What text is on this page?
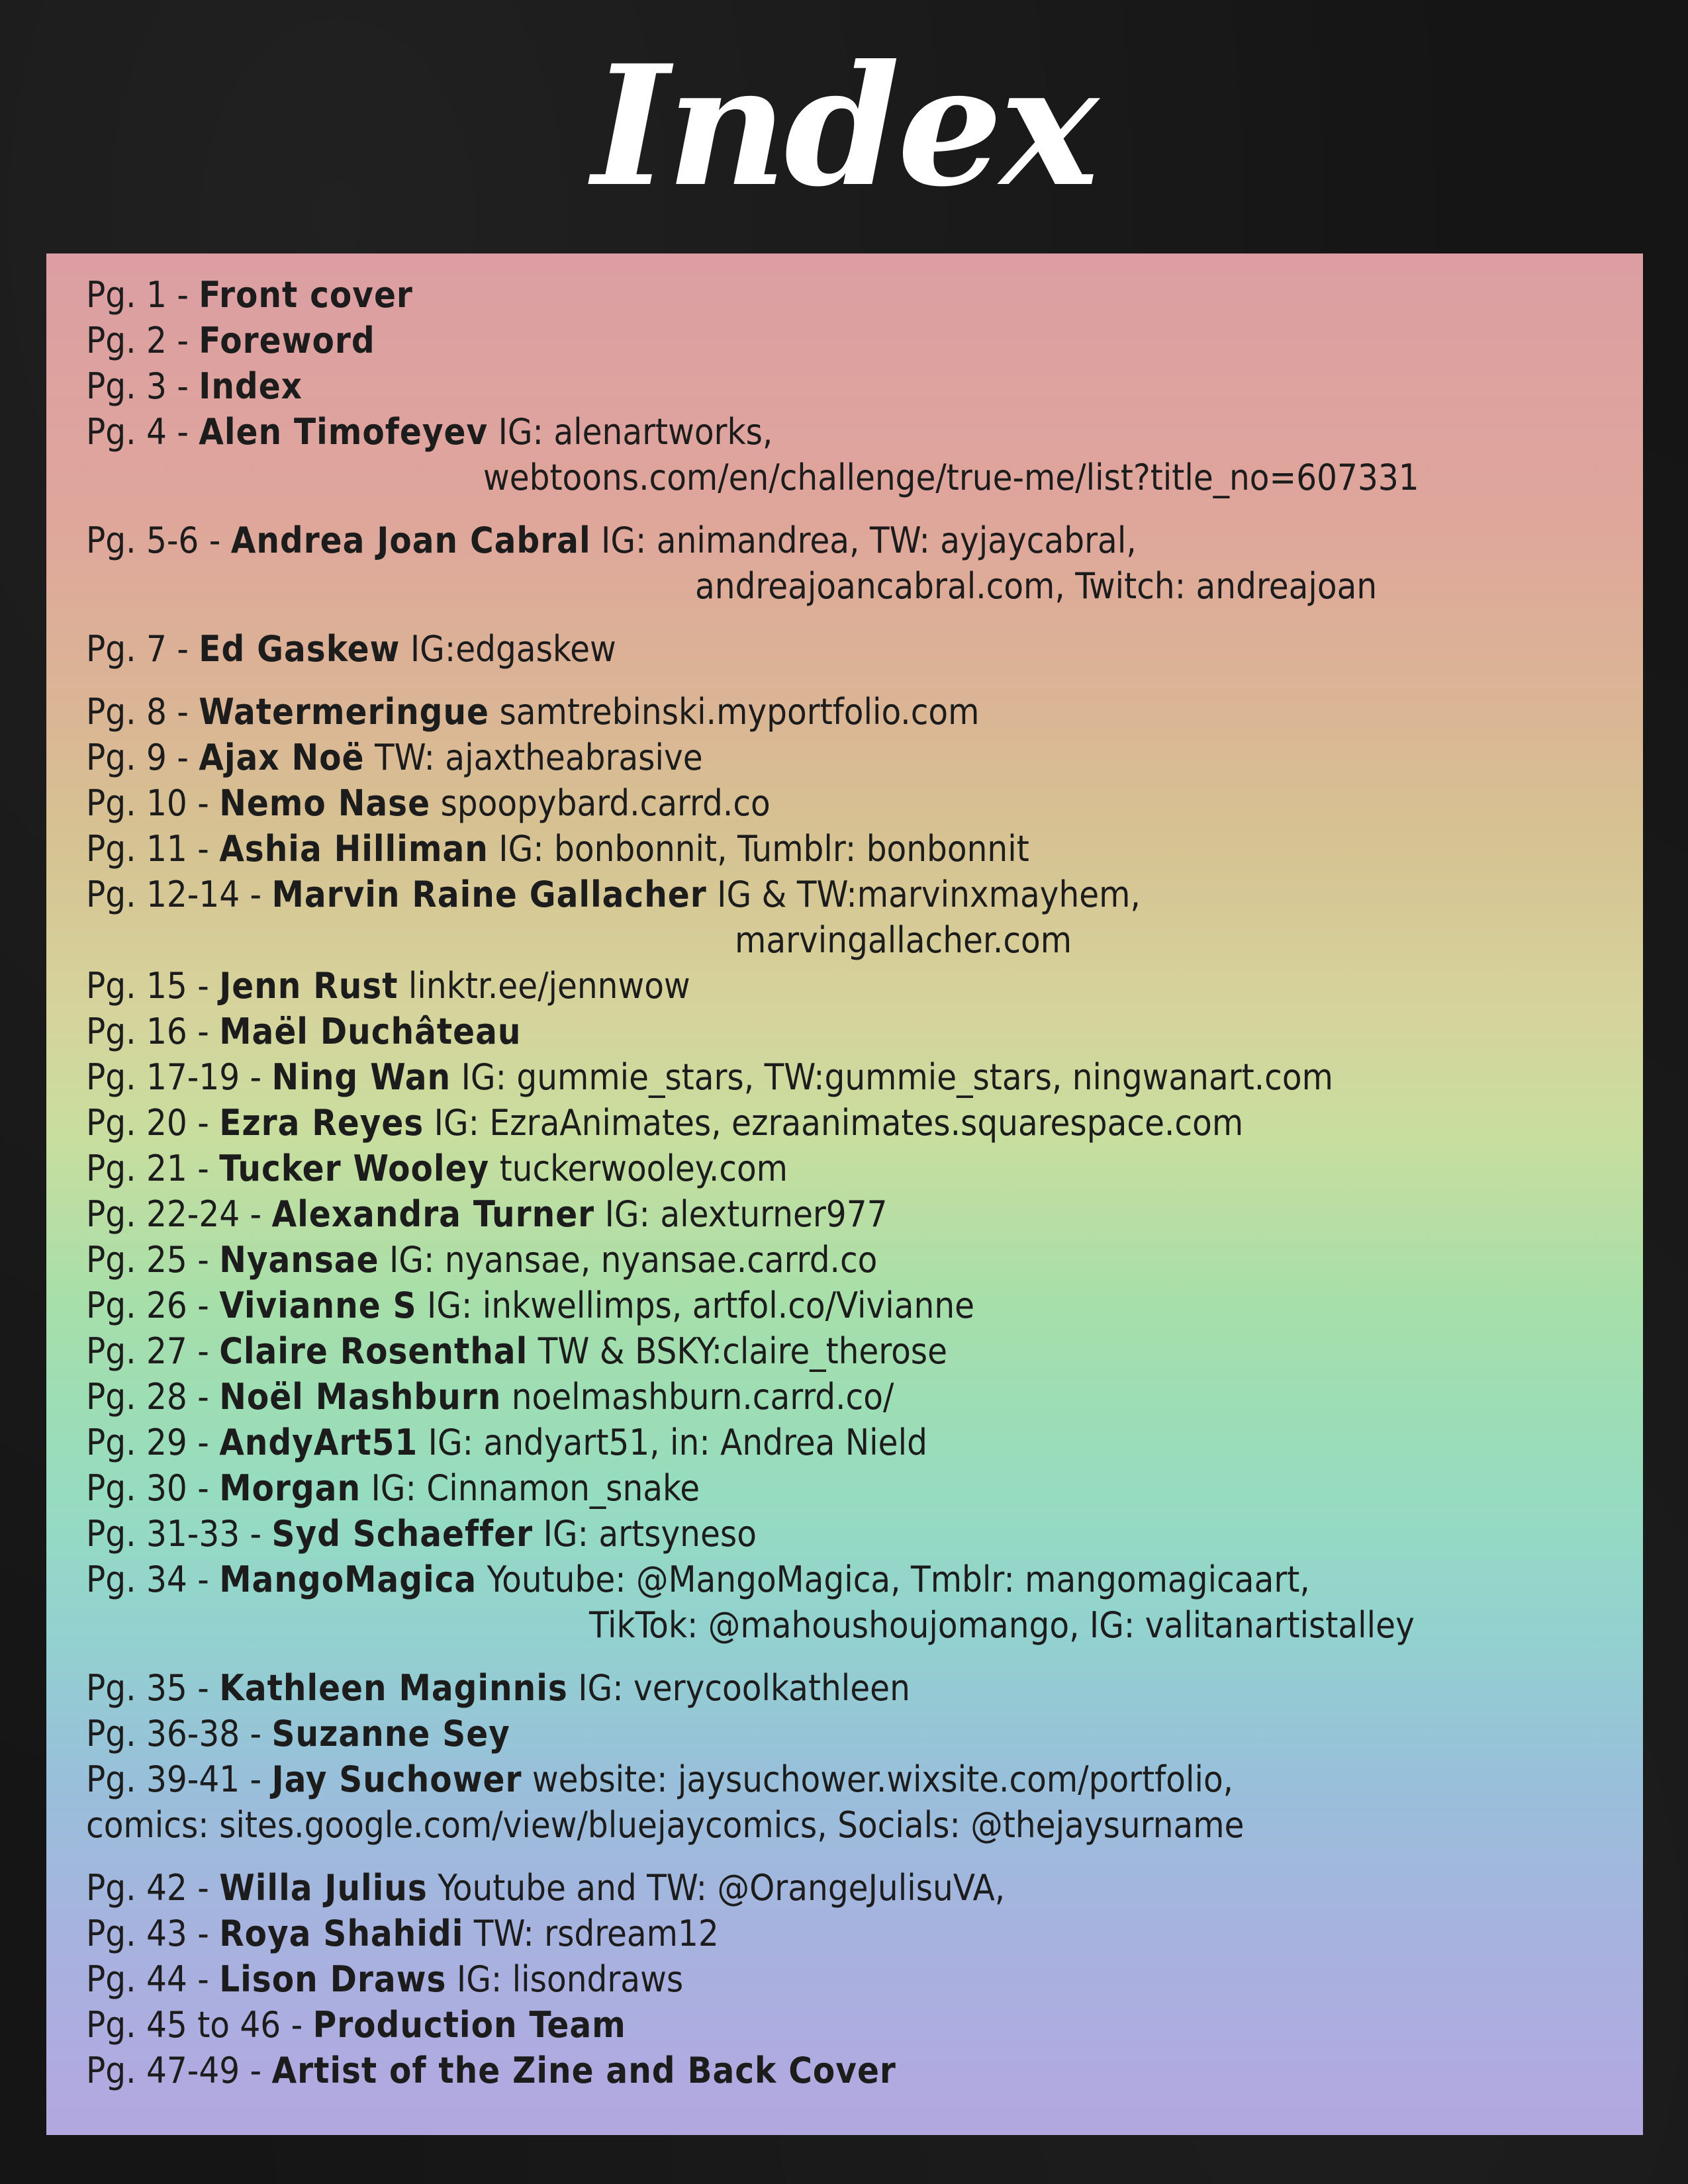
Index
Pg. 1 - Front cover
Pg. 2 - Foreword
Pg. 3 - Index
Pg. 4 - Alen Timofeyev IG: alenartworks,
webtoons.com/en/challenge/true-me/list?title_no=607331
Pg. 5-6 - Andrea Joan Cabral IG: animandrea, TW: ayjaycabral,
andreajoancabral.com, Twitch: andreajoan
Pg. 7 - Ed Gaskew IG:edgaskew
Pg. 8 - Watermeringue samtrebinski.myportfolio.com
Pg. 9 - Ajax Noë TW: ajaxtheabrasive
Pg. 10 - Nemo Nase spoopybard.carrd.co
Pg. 11 - Ashia Hilliman IG: bonbonnit, Tumblr: bonbonnit
Pg. 12-14 - Marvin Raine Gallacher IG & TW:marvinxmayhem,
marvingallacher.com
Pg. 15 - Jenn Rust linktr.ee/jennwow
Pg. 16 - Maël Duchâteau
Pg. 17-19 - Ning Wan IG: gummie_stars, TW:gummie_stars, ningwanart.com
Pg. 20 - Ezra Reyes IG: EzraAnimates, ezraanimates.squarespace.com
Pg. 21 - Tucker Wooley tuckerwooley.com
Pg. 22-24 - Alexandra Turner IG: alexturner977
Pg. 25 - Nyansae IG: nyansae, nyansae.carrd.co
Pg. 26 - Vivianne S IG: inkwellimps, artfol.co/Vivianne
Pg. 27 - Claire Rosenthal TW & BSKY:claire_therose
Pg. 28 - Noël Mashburn noelmashburn.carrd.co/
Pg. 29 - AndyArt51 IG: andyart51, in: Andrea Nield
Pg. 30 - Morgan IG: Cinnamon_snake
Pg. 31-33 - Syd Schaeffer IG: artsyneso
Pg. 34 - MangoMagica Youtube: @MangoMagica, Tmblr: mangomagicaart,
TikTok: @mahoushoujomango, IG: valitanartistalley
Pg. 35 - Kathleen Maginnis IG: verycoolkathleen
Pg. 36-38 - Suzanne Sey
Pg. 39-41 - Jay Suchower website: jaysuchower.wixsite.com/portfolio,
comics: sites.google.com/view/bluejaycomics, Socials: @thejaysurname
Pg. 42 - Willa Julius Youtube and TW: @OrangeJulisuVA,
Pg. 43 - Roya Shahidi TW: rsdream12
Pg. 44 - Lison Draws IG: lisondraws
Pg. 45 to 46 - Production Team
Pg. 47-49 - Artist of the Zine and Back Cover
